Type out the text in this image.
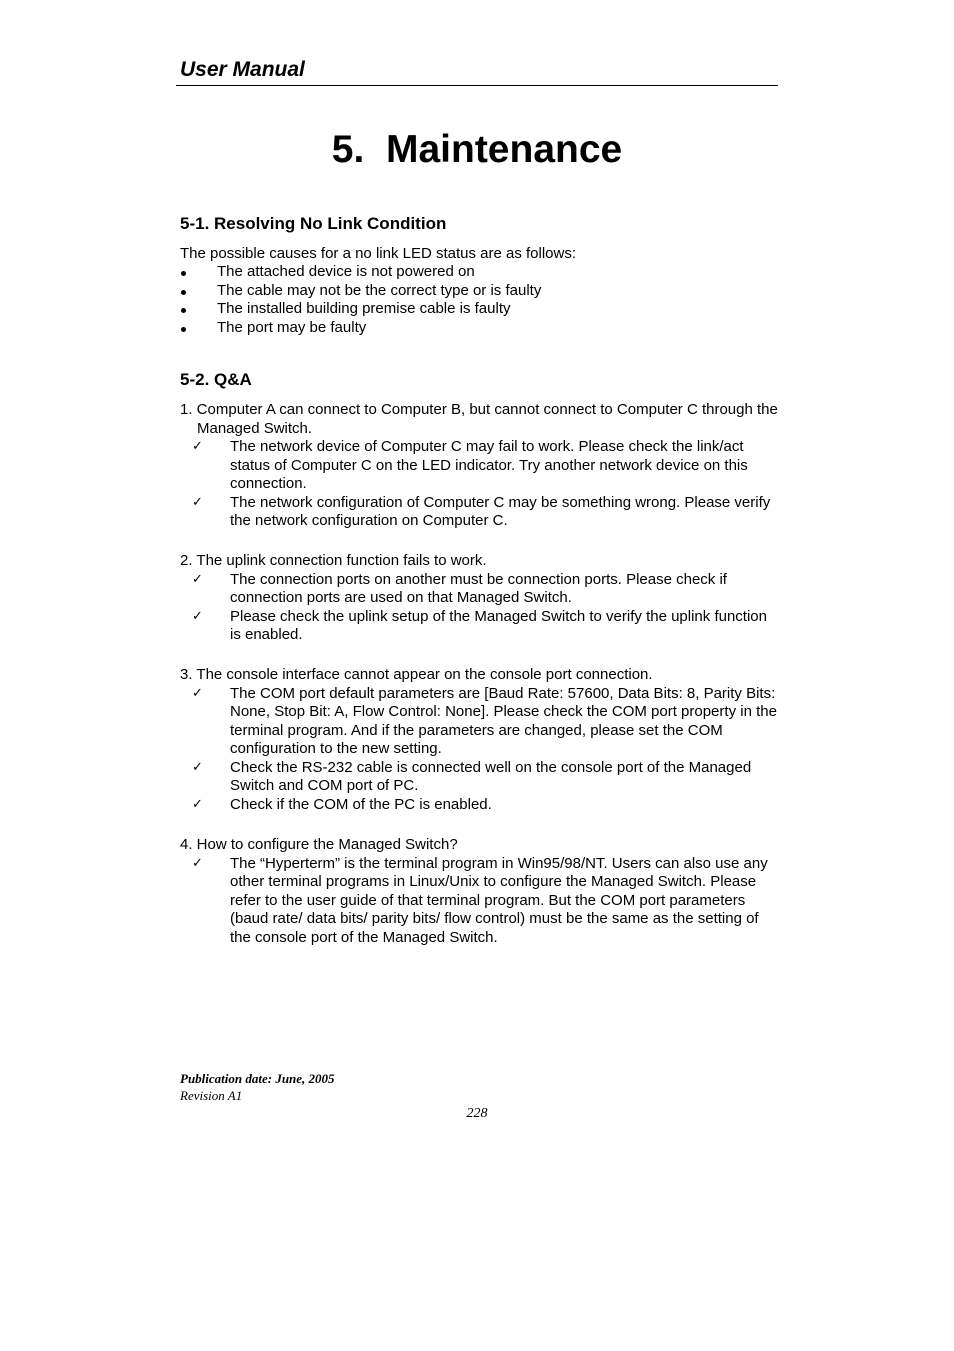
User Manual
5.  Maintenance
5-1. Resolving No Link Condition
The possible causes for a no link LED status are as follows:
The attached device is not powered on
The cable may not be the correct type or is faulty
The installed building premise cable is faulty
The port may be faulty
5-2. Q&A
1. Computer A can connect to Computer B, but cannot connect to Computer C through the Managed Switch.
✓ The network device of Computer C may fail to work. Please check the link/act status of Computer C on the LED indicator. Try another network device on this connection.
✓ The network configuration of Computer C may be something wrong. Please verify the network configuration on Computer C.
2. The uplink connection function fails to work.
✓ The connection ports on another must be connection ports. Please check if connection ports are used on that Managed Switch.
✓ Please check the uplink setup of the Managed Switch to verify the uplink function is enabled.
3. The console interface cannot appear on the console port connection.
✓ The COM port default parameters are [Baud Rate: 57600, Data Bits: 8, Parity Bits: None, Stop Bit: A, Flow Control: None]. Please check the COM port property in the terminal program. And if the parameters are changed, please set the COM configuration to the new setting.
✓ Check the RS-232 cable is connected well on the console port of the Managed Switch and COM port of PC.
✓ Check if the COM of the PC is enabled.
4. How to configure the Managed Switch?
✓ The “Hyperterm” is the terminal program in Win95/98/NT. Users can also use any other terminal programs in Linux/Unix to configure the Managed Switch. Please refer to the user guide of that terminal program. But the COM port parameters (baud rate/ data bits/ parity bits/ flow control) must be the same as the setting of the console port of the Managed Switch.
Publication date: June, 2005
Revision A1
228
